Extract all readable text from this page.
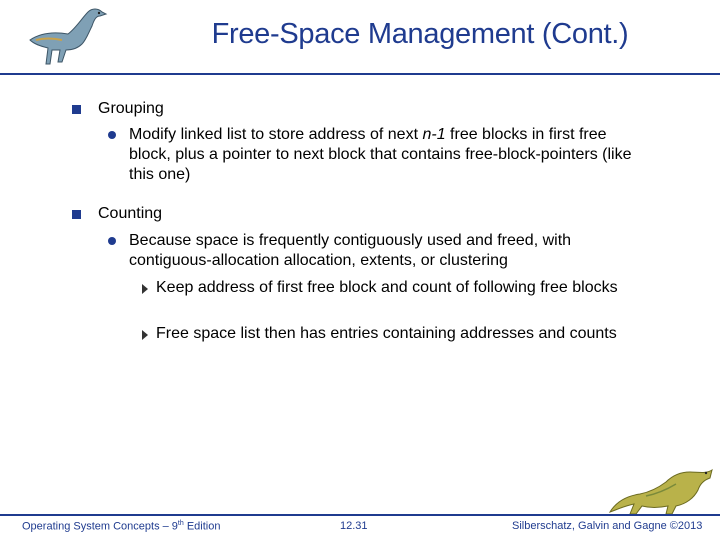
Free-Space Management (Cont.)
Grouping
Modify linked list to store address of next n-1 free blocks in first free block, plus a pointer to next block that contains free-block-pointers (like this one)
Counting
Because space is frequently contiguously used and freed, with contiguous-allocation allocation, extents, or clustering
Keep address of first free block and count of following free blocks
Free space list then has entries containing addresses and counts
Operating System Concepts – 9th Edition	12.31	Silberschatz, Galvin and Gagne ©2013
